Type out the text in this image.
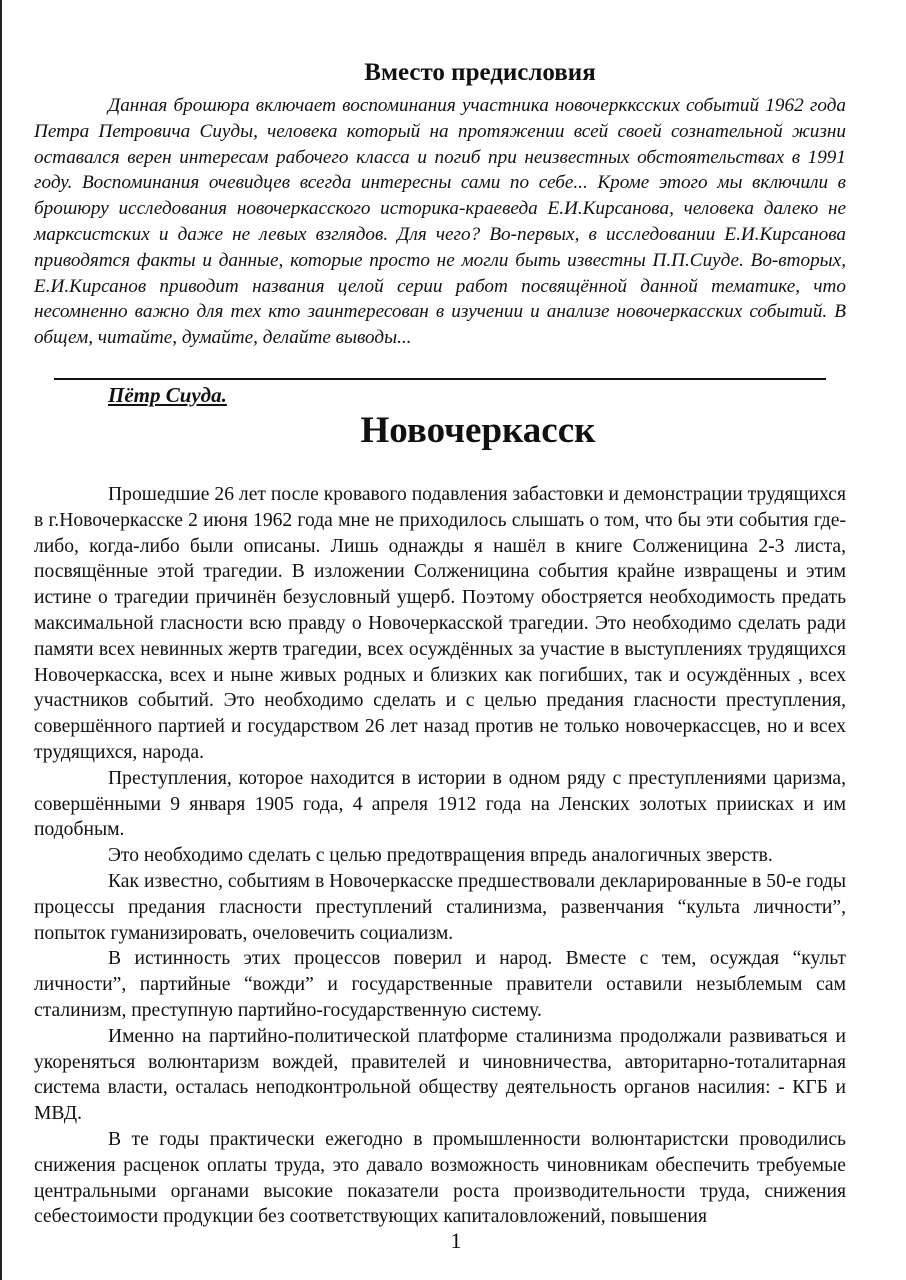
Вместо предисловия

Данная брошюра включает воспоминания участника новочеркксских событий 1962 года Петра Петровича Сиуды, человека который на протяжении всей своей сознательной жизни оставался верен интересам рабочего класса и погиб при неизвестных обстоятельствах в 1991 году. Воспоминания очевидцев всегда интересны сами по себе... Кроме этого мы включили в брошюру исследования новочеркасского историка-краеведа Е.И.Кирсанова, человека далеко не марксистских и даже не левых взглядов. Для чего? Во-первых, в исследовании Е.И.Кирсанова приводятся факты и данные, которые просто не могли быть известны П.П.Сиуде. Во-вторых, Е.И.Кирсанов приводит названия целой серии работ посвящённой данной тематике, что несомненно важно для тех кто заинтересован в изучении и анализе новочеркасских событий. В общем, читайте, думайте, делайте выводы...

Пётр Сиуда.
Новочеркасск

Прошедшие 26 лет после кровавого подавления забастовки и демонстрации трудящихся в г.Новочеркасске 2 июня 1962 года мне не приходилось слышать о том, что бы эти события где-либо, когда-либо были описаны. Лишь однажды я нашёл в книге Солженицина 2-3 листа, посвящённые этой трагедии. В изложении Солженицина события крайне извращены и этим истине о трагедии причинён безусловный ущерб. Поэтому обостряется необходимость предать максимальной гласности всю правду о Новочеркасской трагедии. Это необходимо сделать ради памяти всех невинных жертв трагедии, всех осуждённых за участие в выступлениях трудящихся Новочеркасска, всех и ныне живых родных и близких как погибших, так и осуждённых , всех участников событий. Это необходимо сделать и с целью предания гласности преступления, совершённого партией и государством 26 лет назад против не только новочеркассцев, но и всех трудящихся, народа.

Преступления, которое находится в истории в одном ряду с преступлениями царизма, совершёнными 9 января 1905 года, 4 апреля 1912 года на Ленских золотых приисках и им подобным.

Это необходимо сделать с целью предотвращения впредь аналогичных зверств.

Как известно, событиям в Новочеркасске предшествовали декларированные в 50-е годы процессы предания гласности преступлений сталинизма, развенчания “культа личности”, попыток гуманизировать, очеловечить социализм.

В истинность этих процессов поверил и народ. Вместе с тем, осуждая “культ личности”, партийные “вожди” и государственные правители оставили незыблемым сам сталинизм, преступную партийно-государственную систему.

Именно на партийно-политической платформе сталинизма продолжали развиваться и укореняться волюнтаризм вождей, правителей и чиновничества, авторитарно-тоталитарная система власти, осталась неподконтрольной обществу деятельность органов насилия: - КГБ и МВД.

В те годы практически ежегодно в промышленности волюнтаристски проводились снижения расценок оплаты труда, это давало возможность чиновникам обеспечить требуемые центральными органами высокие показатели роста производительности труда, снижения себестоимости продукции без соответствующих капиталовложений, повышения

1
